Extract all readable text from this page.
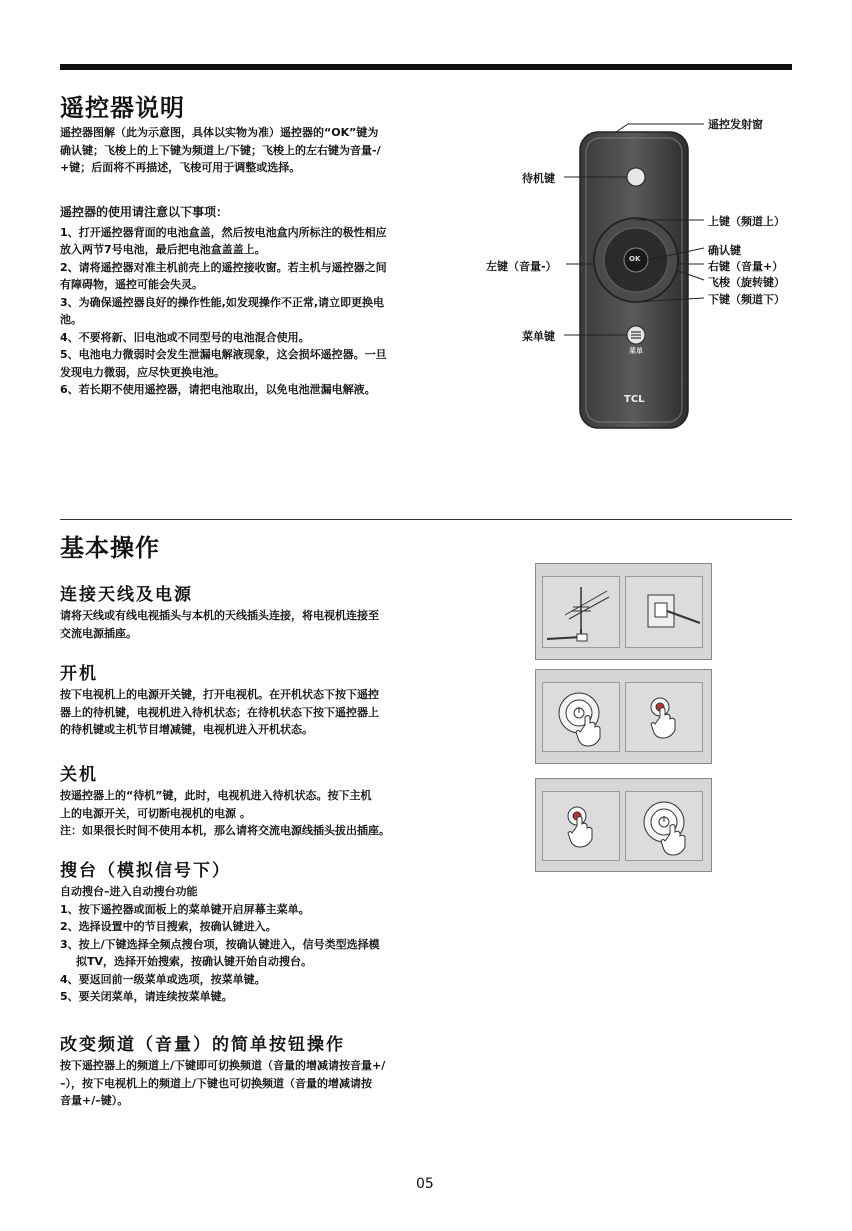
遥控器说明

遥控器图解（此为示意图，具体以实物为准）遥控器的“OK”键为

确认键；飞梭上的上下键为频道上/下键；飞梭上的左右键为音量-/

+键；后面将不再描述，飞梭可用于调整或选择。

遥控器的使用请注意以下事项：

1、打开遥控器背面的电池盒盖，然后按电池盒内所标注的极性相应

放入两节7号电池，最后把电池盒盖盖上。

2、请将遥控器对准主机前壳上的遥控接收窗。若主机与遥控器之间

有障碍物，遥控可能会失灵。

3、为确保遥控器良好的操作性能,如发现操作不正常,请立即更换电

池。

4、不要将新、旧电池或不同型号的电池混合使用。

5、电池电力微弱时会发生泄漏电解液现象，这会损坏遥控器。一旦

发现电力微弱，应尽快更换电池。

6、若长期不使用遥控器，请把电池取出，以免电池泄漏电解液。

OK
菜单
TCL
遥控发射窗
待机键
上键（频道上）
左键（音量-）
确认键
右键（音量+）
飞梭（旋转键）
下键（频道下）
菜单键
基本操作

连接天线及电源

请将天线或有线电视插头与本机的天线插头连接，将电视机连接至

交流电源插座。

开机

按下电视机上的电源开关键，打开电视机。在开机状态下按下遥控

器上的待机键，电视机进入待机状态；在待机状态下按下遥控器上

的待机键或主机节目增减键，电视机进入开机状态。

关机

按遥控器上的“待机”键，此时，电视机进入待机状态。按下主机

上的电源开关，可切断电视机的电源 。

注：如果很长时间不使用本机，那么请将交流电源线插头拔出插座。

搜台（模拟信号下）

自动搜台–进入自动搜台功能

1、按下遥控器或面板上的菜单键开启屏幕主菜单。

2、选择设置中的节目搜索，按确认键进入。

3、按上/下键选择全频点搜台项，按确认键进入，信号类型选择模

拟TV，选择开始搜索，按确认键开始自动搜台。

4、要返回前一级菜单或选项，按菜单键。

5、要关闭菜单，请连续按菜单键。

改变频道（音量）的简单按钮操作

按下遥控器上的频道上/下键即可切换频道（音量的增减请按音量+/

–），按下电视机上的频道上/下键也可切换频道（音量的增减请按

音量+/–键）。

05
